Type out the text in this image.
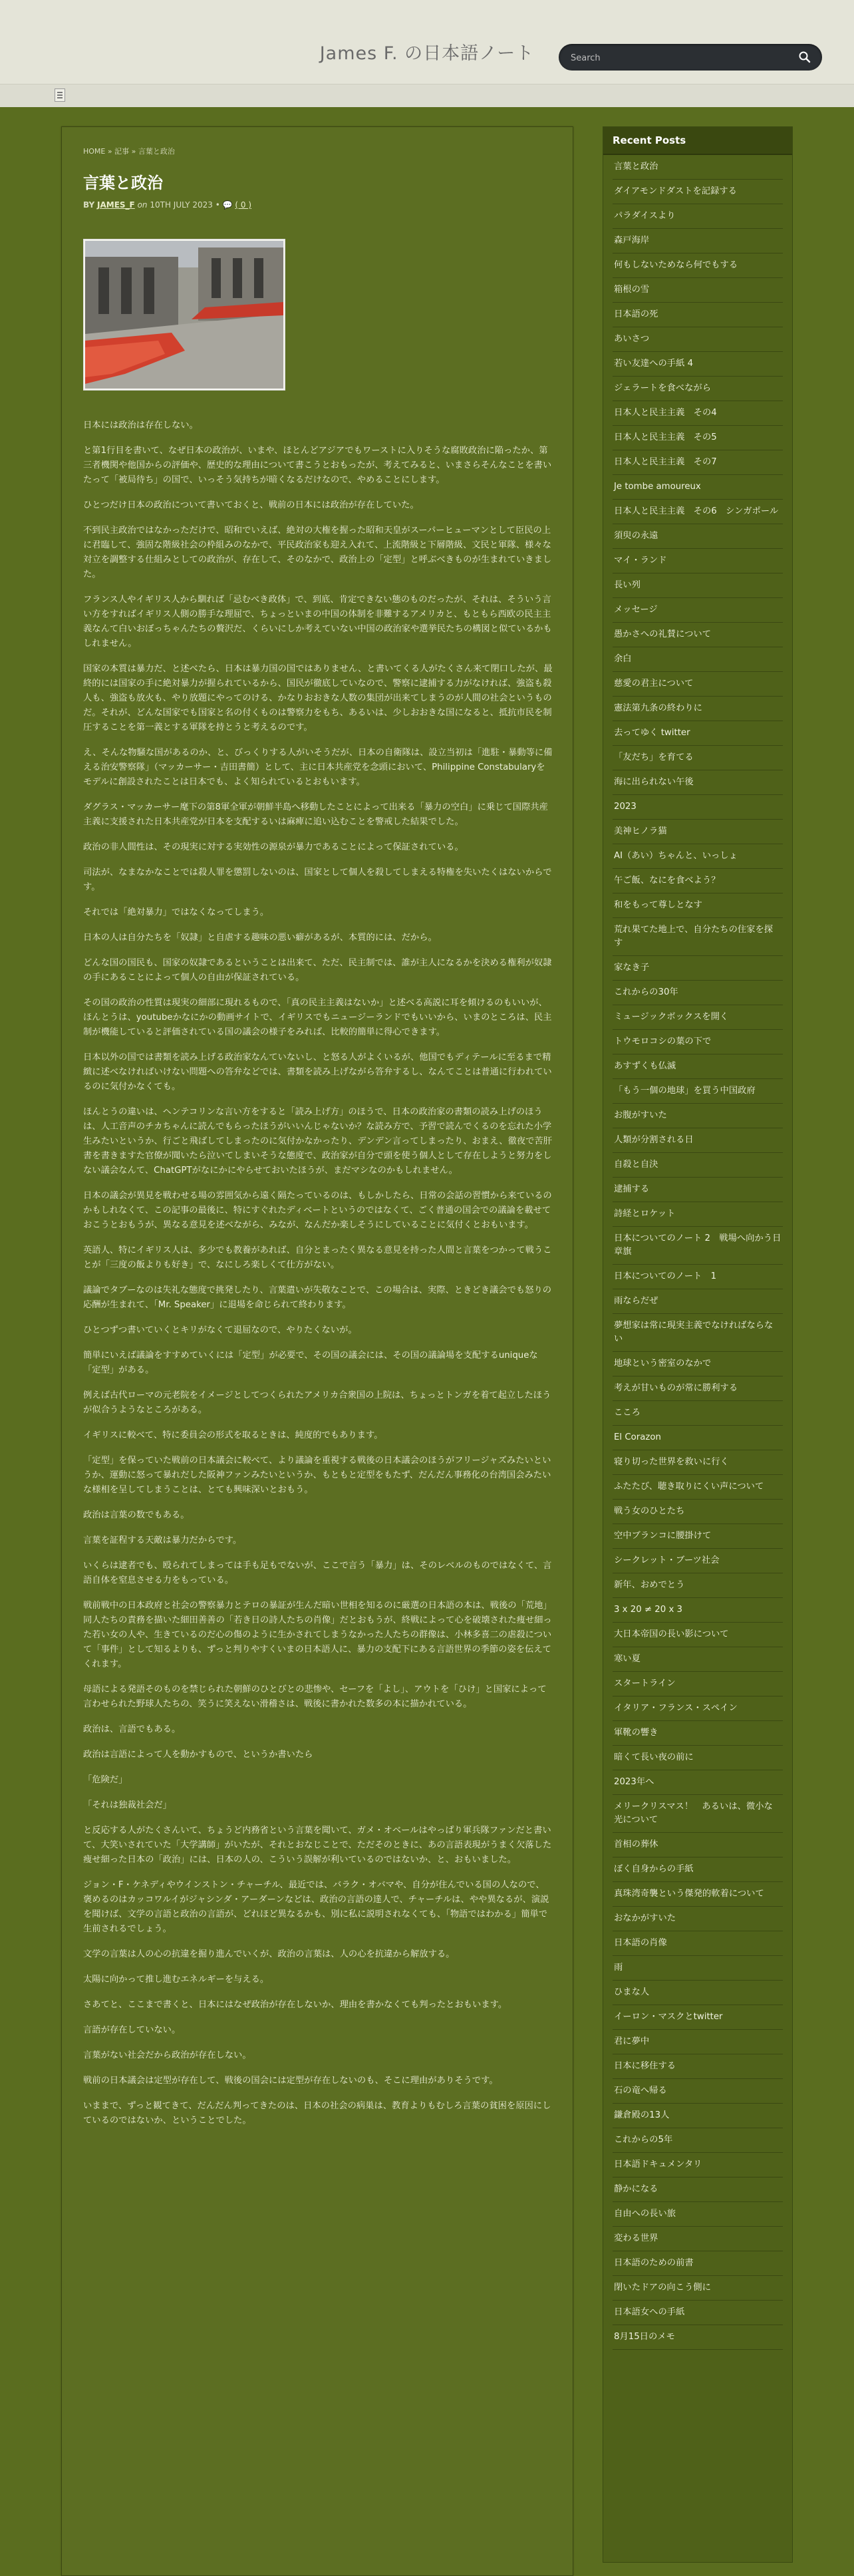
James F. の日本語ノート
Search
HOME » 記事 » 言葉と政治
言葉と政治
BY JAMES_F on 10TH JULY 2023 • 💬 ( 0 )

日本には政治は存在しない。

と第1行目を書いて、なぜ日本の政治が、いまや、ほとんどアジアでもワーストに入りそうな腐敗政治に陥ったか、第三者機関や他国からの評価や、歴史的な理由について書こうとおもったが、考えてみると、いまさらそんなことを書いたって「被局待ち」の国で、いっそう気持ちが暗くなるだけなので、やめることにします。

ひとつだけ日本の政治について書いておくと、戦前の日本には政治が存在していた。

不到民主政治ではなかっただけで、昭和でいえば、絶対の大権を握った昭和天皇がスーパーヒューマンとして臣民の上に君臨して、強固な階級社会の枠組みのなかで、平民政治家も迎え入れて、上流階級と下層階級、文民と軍隊、様々な対立を調整する仕組みとしての政治が、存在して、そのなかで、政治上の「定型」と呼ぶべきものが生まれていきました。

フランス人やイギリス人から馴れば「忌むべき政体」で、到底、肯定できない態のものだったが、それは、そういう言い方をすればイギリス人側の勝手な理屈で、ちょっといまの中国の体制を非難するアメリカと、もともら西欧の民主主義なんて白いおぼっちゃんたちの贅沢だ、くらいにしか考えていない中国の政治家や選挙民たちの構図と似ているかもしれません。

国家の本質は暴力だ、と述べたら、日本は暴力国の国ではありません、と書いてくる人がたくさん来て閉口したが、最終的には国家の手に絶対暴力が握られているから、国民が徹底していなので、警察に逮捕する力がなければ、強盗も殺人も、強盗も放火も、やり放題にやってのける、かなりおおきな人数の集団が出来てしまうのが人間の社会というものだ。それが、どんな国家でも国家と名の付くものは警察力をもち、あるいは、少しおおきな国になると、抵抗市民を制圧することを第一義とする軍隊を持とうと考えるのです。

え、そんな物騒な国があるのか、と、びっくりする人がいそうだが、日本の自衛隊は、設立当初は「進駐・暴動等に備える治安警察隊」（マッカーサー・吉田書簡）として、主に日本共産党を念頭において、Philippine Constabularyをモデルに創設されたことは日本でも、よく知られているとおもいます。

ダグラス・マッカーサー麾下の第8軍全軍が朝鮮半島へ移動したことによって出来る「暴力の空白」に乗じて国際共産主義に支援された日本共産党が日本を支配するいは麻痺に追い込むことを警戒した結果でした。

政治の非人間性は、その現実に対する実効性の源泉が暴力であることによって保証されている。

司法が、なまなかなことでは殺人罪を懲罰しないのは、国家として個人を殺してしまえる特権を失いたくはないからです。

それでは「絶対暴力」ではなくなってしまう。

日本の人は自分たちを「奴隷」と自虐する趣味の悪い癖があるが、本質的には、だから。

どんな国の国民も、国家の奴隷であるということは出来て、ただ、民主制では、誰が主人になるかを決める権利が奴隷の手にあることによって個人の自由が保証されている。

その国の政治の性質は現実の細部に現れるもので、「真の民主主義はないか」と述べる高説に耳を傾けるのもいいが、ほんとうは、youtubeかなにかの動画サイトで、イギリスでもニュージーランドでもいいから、いまのところは、民主制が機能していると評価されている国の議会の様子をみれば、比較的簡単に得心できます。

日本以外の国では書類を読み上げる政治家なんていないし、と怒る人がよくいるが、他国でもディテールに至るまで精緻に述べなければいけない問題への答弁などでは、書類を読み上げながら答弁するし、なんてことは普通に行われているのに気付かなくても。

ほんとうの違いは、ヘンテコリンな言い方をすると「読み上げ方」のほうで、日本の政治家の書類の読み上げのほうは、人工音声のチカちゃんに読んでもらったほうがいいんじゃないか？な読み方で、予習で読んでくるのを忘れた小学生みたいというか、行ごと飛ばしてしまったのに気付かなかったり、デンデン言ってしまったり、おまえ、徹夜で苦肝書を書きますた官僚が聞いたら泣いてしまいそうな態度で、政治家が自分で頭を使う個人として存在しようと努力をしない議会なんて、ChatGPTがなにかにやらせておいたほうが、まだマシなのかもしれません。

日本の議会が異見を戦わせる場の雰囲気から遠く隔たっているのは、もしかしたら、日常の会話の習慣から来ているのかもしれなくて、この記事の最後に、特にすぐれたディベートというのではなくて、ごく普通の国会での議論を載せておこうとおもうが、異なる意見を述べながら、みなが、なんだか楽しそうにしていることに気付くとおもいます。

英語人、特にイギリス人は、多少でも教養があれば、自分とまったく異なる意見を持った人間と言葉をつかって戦うことが「三度の飯よりも好き」で、なにしろ楽しくて仕方がない。

議論でタブーなのは失礼な態度で挑発したり、言葉遣いが失敬なことで、この場合は、実際、ときどき議会でも怒りの応酬が生まれて、「Mr. Speaker」に退場を命じられて終わります。

ひとつずつ書いていくとキリがなくて退屈なので、やりたくないが。

簡単にいえば議論をすすめていくには「定型」が必要で、その国の議会には、その国の議論場を支配するuniqueな「定型」がある。

例えば古代ローマの元老院をイメージとしてつくられたアメリカ合衆国の上院は、ちょっとトンガを着て起立したほうが似合うようなところがある。

イギリスに較べて、特に委員会の形式を取るときは、純度的でもあります。

「定型」を保っていた戦前の日本議会に較べて、より議論を重視する戦後の日本議会のほうがフリージャズみたいというか、運動に怒って暴れだした阪神ファンみたいというか、もともと定型をもたず、だんだん事務化の台湾国会みたいな様相を呈してしまうことは、とても興味深いとおもう。

政治は言葉の数でもある。

言葉を証程する天敵は暴力だからです。

いくらは逮者でも、殴られてしまっては手も足もでないが、ここで言う「暴力」は、そのレベルのものではなくて、言語自体を窒息させる力をもっている。

戦前戦中の日本政府と社会の警察暴力とテロの暴証が生んだ暗い世相を知るのに厳選の日本語の本は、戦後の「荒地」同人たちの責務を描いた細田善善の「若き日の詩人たちの肖像」だとおもうが、終戦によって心を破壊された痩せ細った若い女の人や、生きているのだ心の傷のように生かされてしまうなかった人たちの群像は、小林多喜二の虐殺について「事件」として知るよりも、ずっと判りやすくいまの日本語人に、暴力の支配下にある言語世界の季節の姿を伝えてくれます。

母語による発語そのものを禁じられた朝鮮のひとびとの悲惨や、セーフを「よし」、アウトを「ひけ」と国家によって言わせられた野球人たちの、笑うに笑えない滑稽さは、戦後に書かれた数多の本に描かれている。

政治は、言語でもある。

政治は言語によって人を動かすもので、というか書いたら

「危険だ」

「それは独裁社会だ」

と反応する人がたくさんいて、ちょうど内務省という言葉を聞いて、ガメ・オベールはやっぱり軍兵隊ファンだと書いて、大笑いされていた「大学講師」がいたが、それとおなじことで、ただそのときに、あの言語表現がうまく欠落した痩せ細った日本の「政治」には、日本の人の、こういう誤解が利いているのではないか、と、おもいました。

ジョン・F・ケネディやウインストン・チャーチル、最近では、バラク・オバマや、自分が住んでいる国の人なので、褒めるのはカッコワルイがジャシンダ・アーダーンなどは、政治の言語の達人で、チャーチルは、やや異なるが、演説を聞けば、文学の言語と政治の言語が、どれほど異なるかも、別に私に説明されなくても、「物語ではわかる」簡単で生前されるでしょう。

文学の言葉は人の心の抗違を掘り進んでいくが、政治の言葉は、人の心を抗違から解放する。

太陽に向かって推し進むエネルギーを与える。

さあてと、ここまで書くと、日本にはなぜ政治が存在しないか、理由を書かなくても判ったとおもいます。

言語が存在していない。

言葉がない社会だから政治が存在しない。

戦前の日本議会は定型が存在して、戦後の国会には定型が存在しないのも、そこに理由がありそうです。

いままで、ずっと観てきて、だんだん判ってきたのは、日本の社会の病巣は、教育よりもむしろ言葉の貧困を原因にしているのではないか、ということでした。

Recent Posts
言葉と政治
ダイアモンドダストを記録する
パラダイスより
森戸海岸
何もしないためなら何でもする
箱根の雪
日本語の死
あいさつ
若い友達への手紙 4
ジェラートを食べながら
日本人と民主主義　その4
日本人と民主主義　その5
日本人と民主主義　その7
Je tombe amoureux
日本人と民主主義　その6　シンガポール
須臾の永遠
マイ・ランド
長い列
メッセージ
愚かさへの礼賛について
余白
慈愛の君主について
憲法第九条の終わりに
去ってゆく twitter
「友だち」を育てる
海に出られない午後
2023
美神ヒノラ猫
AI（あい）ちゃんと、いっしょ
午ご飯、なにを食べよう？
和をもって尊しとなす
荒れ果てた地上で、自分たちの住家を探す
家なき子
これからの30年
ミュージックボックスを開く
トウモロコシの葉の下で
あすずくも仏滅
「もう一個の地球」を買う中国政府
お腹がすいた
人類が分割される日
自殺と自決
逮捕する
詩経とロケット
日本についてのノート 2　戦場へ向かう日章旗
日本についてのノート　1
雨ならだぜ
夢想家は常に現実主義でなければならない
地球という密室のなかで
考えが甘いものが常に勝利する
こころ
El Corazon
寝り切った世界を救いに行く
ふたたび、聴き取りにくい声について
戦う女のひとたち
空中ブランコに腰掛けて
シークレット・ブーツ社会
新年、おめでとう
3 x 20 ≠ 20 x 3
大日本帝国の長い影について
寒い夏
スタートライン
イタリア・フランス・スペイン
軍靴の響き
暗くて長い夜の前に
2023年へ
メリークリスマス！　あるいは、微小な光について
首相の葬休
ぼく自身からの手紙
真珠湾奇襲という傑発的軟着について
おなかがすいた
日本語の肖像
雨
ひまな人
イーロン・マスクとtwitter
君に夢中
日本に移住する
石の竜へ帰る
鎌倉殿の13人
これからの5年
日本語ドキュメンタリ
静かになる
自由への長い旅
変わる世界
日本語のための前書
閉いたドアの向こう側に
日本語女への手紙
8月15日のメモ
